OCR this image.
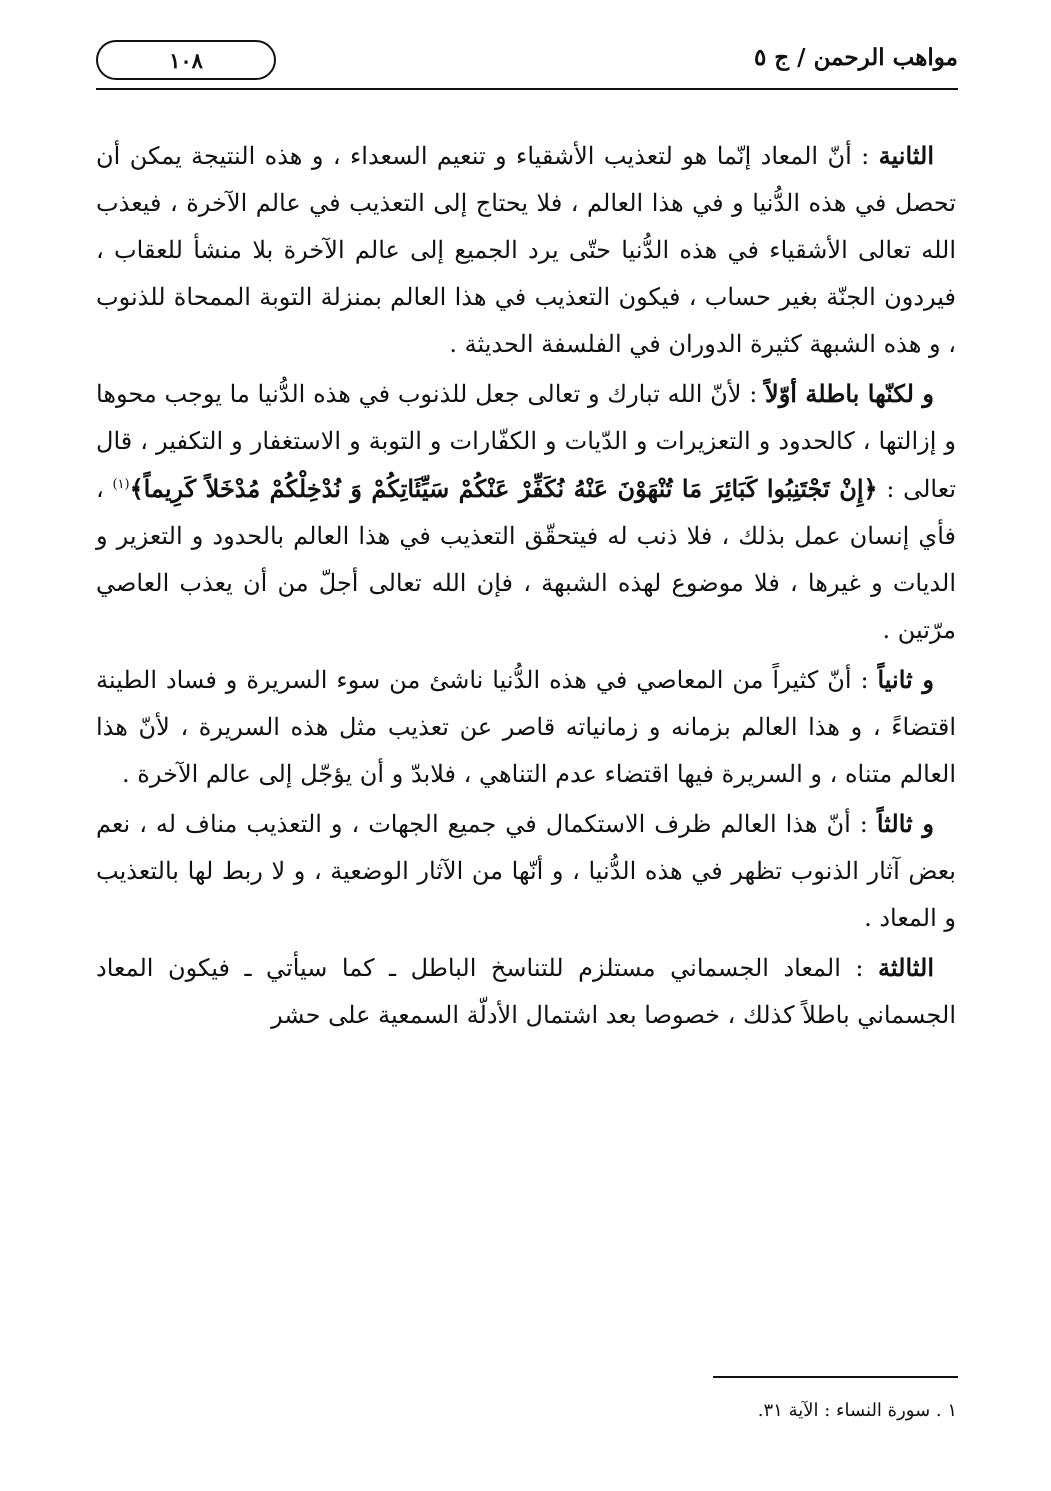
مواهب الرحمن / ج ٥
١٠٨

الثانية : أنّ المعاد إنّما هو لتعذيب الأشقياء و تنعيم السعداء ، و هذه النتيجة يمكن أن تحصل في هذه الدُّنيا و في هذا العالم ، فلا يحتاج إلى التعذيب في عالم الآخرة ، فيعذب الله تعالى الأشقياء في هذه الدُّنيا حتّى يرد الجميع إلى عالم الآخرة بلا منشأ للعقاب ، فيردون الجنّة بغير حساب ، فيكون التعذيب في هذا العالم بمنزلة التوبة الممحاة للذنوب ، و هذه الشبهة كثيرة الدوران في الفلسفة الحديثة .

و لكنّها باطلة أوّلاً : لأنّ الله تبارك و تعالى جعل للذنوب في هذه الدُّنيا ما يوجب محوها و إزالتها ، كالحدود و التعزيرات و الدّيات و الكفّارات و التوبة و الاستغفار و التكفير ، قال تعالى : ﴿إِنْ تَجْتَنِبُوا كَبَائِرَ مَا تُنْهَوْنَ عَنْهُ نُكَفِّرْ عَنْكُمْ سَيِّئَاتِكُمْ وَ نُدْخِلْكُمْ مُدْخَلاً كَرِيماً﴾$^{(١)}$ ، فأي إنسان عمل بذلك ، فلا ذنب له فيتحقّق التعذيب في هذا العالم بالحدود و التعزير و الديات و غيرها ، فلا موضوع لهذه الشبهة ، فإن الله تعالى أجلّ من أن يعذب العاصي مرّتين .

و ثانياً : أنّ كثيراً من المعاصي في هذه الدُّنيا ناشئ من سوء السريرة و فساد الطينة اقتضاءً ، و هذا العالم بزمانه و زمانياته قاصر عن تعذيب مثل هذه السريرة ، لأنّ هذا العالم متناه ، و السريرة فيها اقتضاء عدم التناهي ، فلابدّ و أن يؤجّل إلى عالم الآخرة .

و ثالثاً : أنّ هذا العالم ظرف الاستكمال في جميع الجهات ، و التعذيب مناف له ، نعم بعض آثار الذنوب تظهر في هذه الدُّنيا ، و أنّها من الآثار الوضعية ، و لا ربط لها بالتعذيب و المعاد .

الثالثة : المعاد الجسماني مستلزم للتناسخ الباطل ـ كما سيأتي ـ فيكون المعاد الجسماني باطلاً كذلك ، خصوصا بعد اشتمال الأدلّة السمعية على حشر

١ . سورة النساء : الآية ٣١.
